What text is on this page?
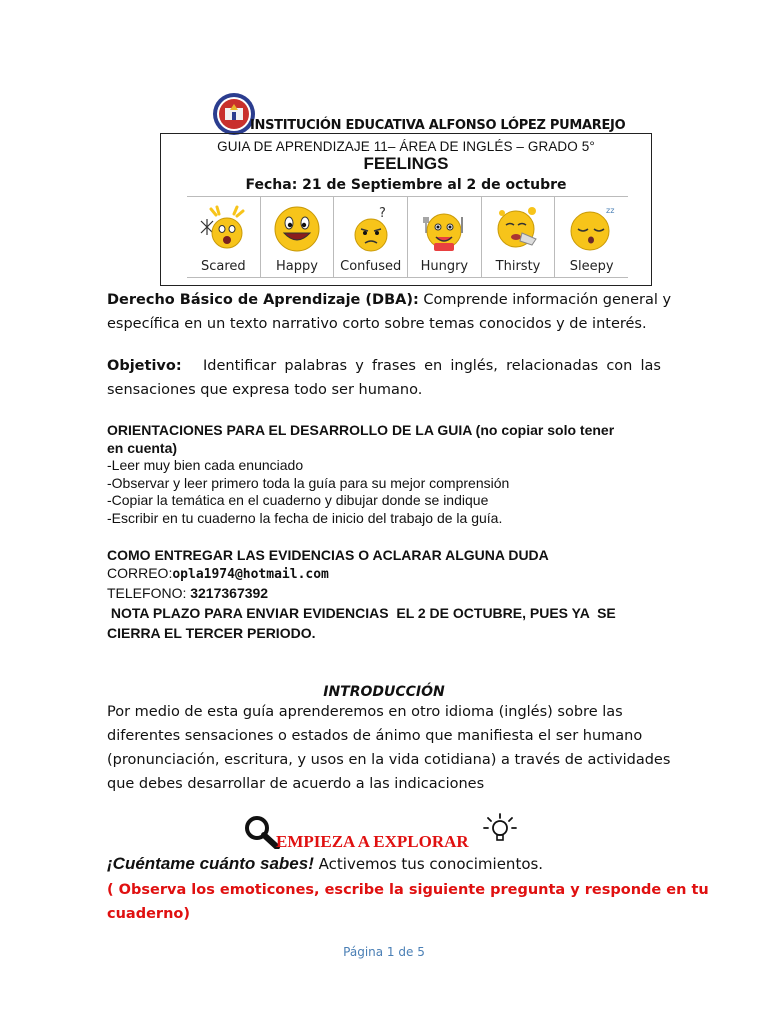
INSTITUCIÓN EDUCATIVA ALFONSO LÓPEZ PUMAREJO
GUIA DE APRENDIZAJE 11– ÁREA DE INGLÉS – GRADO 5°
FEELINGS
Fecha: 21 de Septiembre al 2 de octubre
Scared	Happy
?
Confused	Hungry	Thirsty
zz
Sleepy
Derecho Básico de Aprendizaje (DBA): Comprende información general y
específica en un texto narrativo corto sobre temas conocidos y de interés.
Objetivo: Identificar palabras y frases en inglés, relacionadas con las
sensaciones que expresa todo ser humano.
ORIENTACIONES PARA EL DESARROLLO DE LA GUIA (no copiar solo tener
en cuenta)
-Leer muy bien cada enunciado
-Observar y leer primero toda la guía para su mejor comprensión
-Copiar la temática en el cuaderno y dibujar donde se indique
-Escribir en tu cuaderno la fecha de inicio del trabajo de la guía.
COMO ENTREGAR LAS EVIDENCIAS O ACLARAR ALGUNA DUDA
CORREO:opla1974@hotmail.com
TELEFONO: 3217367392
NOTA PLAZO PARA ENVIAR EVIDENCIAS  EL 2 DE OCTUBRE, PUES YA  SE
CIERRA EL TERCER PERIODO.
INTRODUCCIÓN
Por medio de esta guía aprenderemos en otro idioma (inglés) sobre las
diferentes sensaciones o estados de ánimo que manifiesta el ser humano
(pronunciación, escritura, y usos en la vida cotidiana) a través de actividades
que debes desarrollar de acuerdo a las indicaciones
EMPIEZA A EXPLORAR
¡Cuéntame cuánto sabes! Activemos tus conocimientos.
( Observa los emoticones, escribe la siguiente pregunta y responde en tu
cuaderno)
Página 1 de 5
